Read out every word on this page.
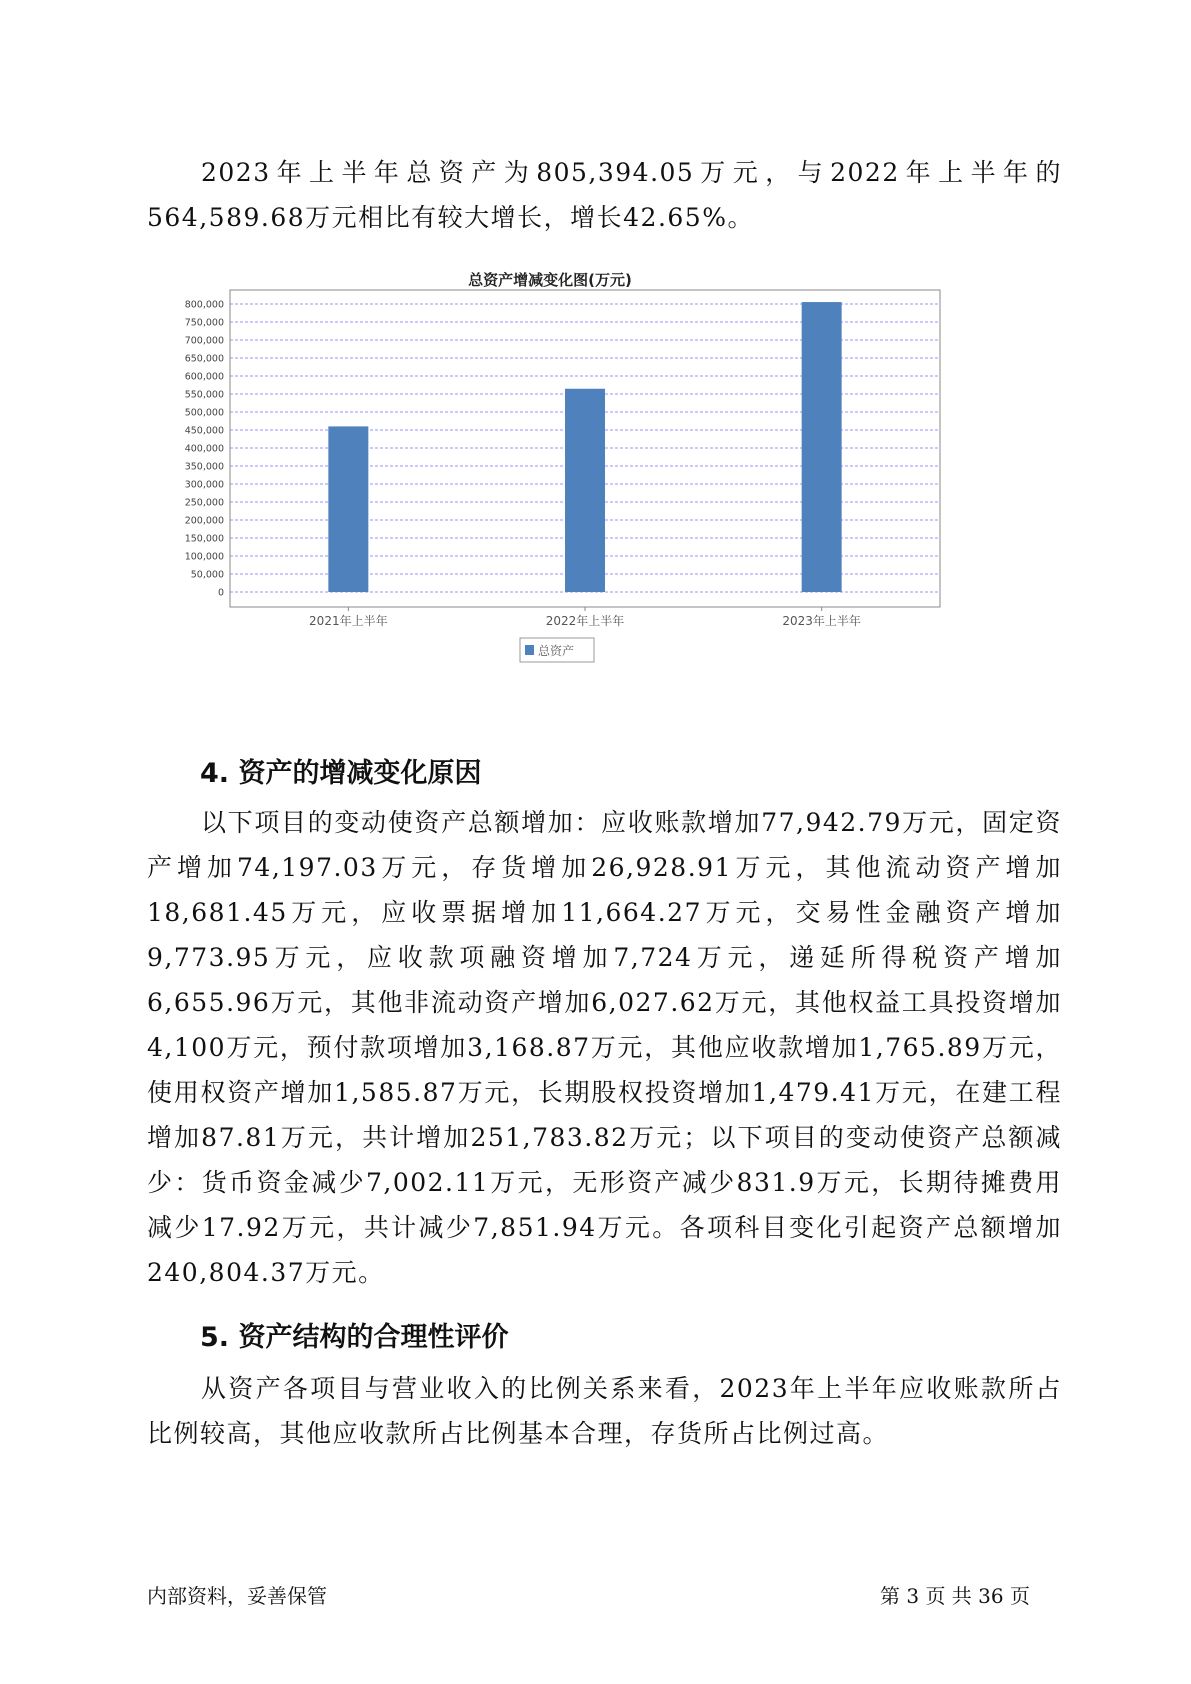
2023年上半年总资产为805,394.05万元，与2022年上半年的564,589.68万元相比有较大增长，增长42.65%。

总资产增减变化图(万元)
0
50,000
100,000
150,000
200,000
250,000
300,000
350,000
400,000
450,000
500,000
550,000
600,000
650,000
700,000
750,000
800,000
2021年上半年	2022年上半年	2023年上半年
总资产
4. 资产的增减变化原因

以下项目的变动使资产总额增加：应收账款增加77,942.79万元，固定资产增加74,197.03万元，存货增加26,928.91万元，其他流动资产增加18,681.45万元，应收票据增加11,664.27万元，交易性金融资产增加9,773.95万元，应收款项融资增加7,724万元，递延所得税资产增加6,655.96万元，其他非流动资产增加6,027.62万元，其他权益工具投资增加4,100万元，预付款项增加3,168.87万元，其他应收款增加1,765.89万元，使用权资产增加1,585.87万元，长期股权投资增加1,479.41万元，在建工程增加87.81万元，共计增加251,783.82万元；以下项目的变动使资产总额减少：货币资金减少7,002.11万元，无形资产减少831.9万元，长期待摊费用减少17.92万元，共计减少7,851.94万元。各项科目变化引起资产总额增加240,804.37万元。

5. 资产结构的合理性评价

从资产各项目与营业收入的比例关系来看，2023年上半年应收账款所占比例较高，其他应收款所占比例基本合理，存货所占比例过高。

内部资料，妥善保管	第 3 页 共 36 页
